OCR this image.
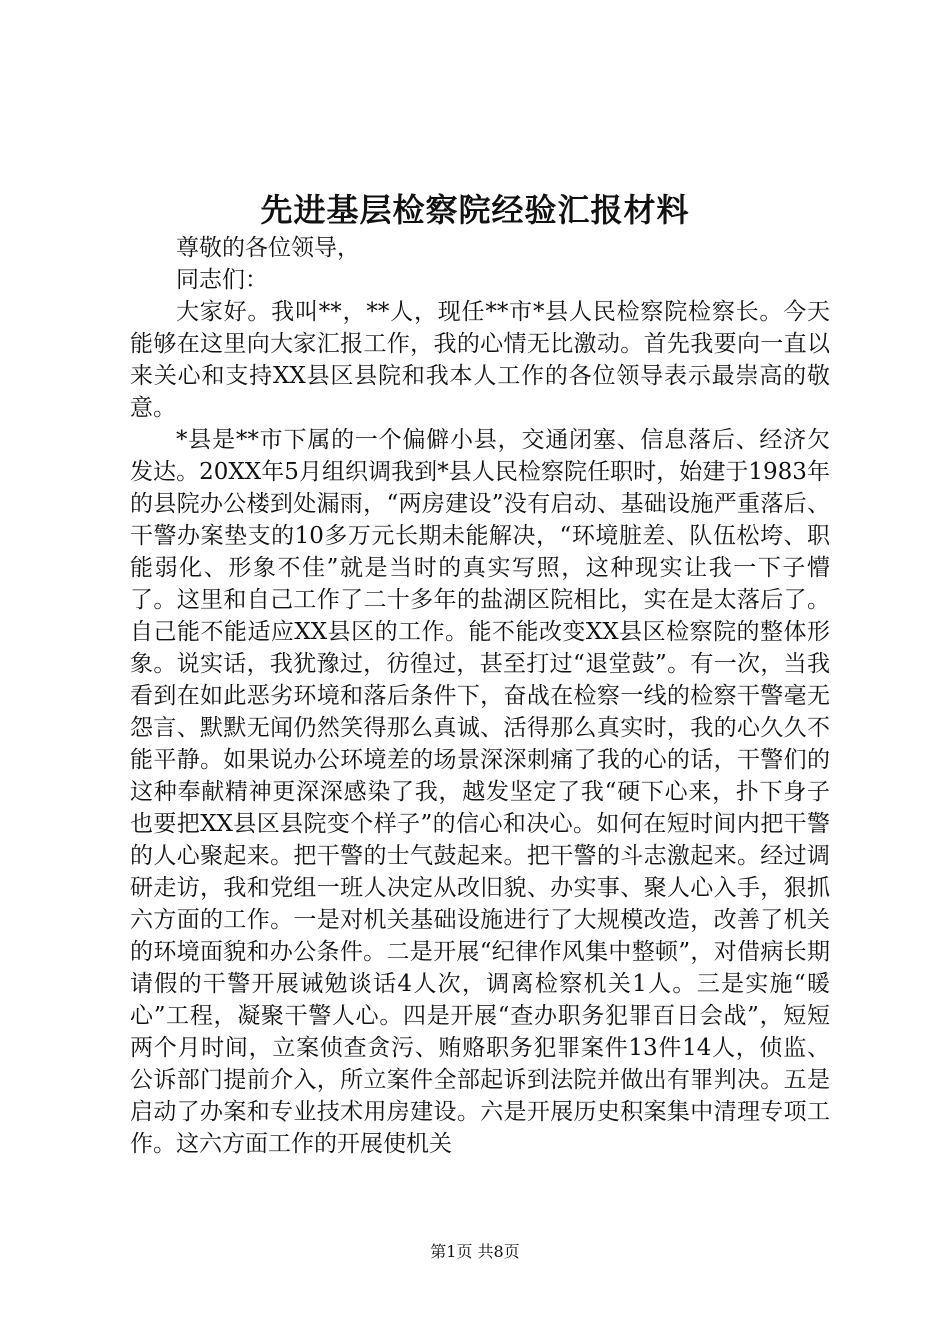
先进基层检察院经验汇报材料

尊敬的各位领导，

同志们：

大家好。我叫**，**人，现任**市*县人民检察院检察长。今天能够在这里向大家汇报工作，我的心情无比激动。首先我要向一直以来关心和支持XX县区县院和我本人工作的各位领导表示最崇高的敬意。

*县是**市下属的一个偏僻小县，交通闭塞、信息落后、经济欠发达。20XX年5月组织调我到*县人民检察院任职时，始建于1983年的县院办公楼到处漏雨，“两房建设”没有启动、基础设施严重落后、干警办案垫支的10多万元长期未能解决，“环境脏差、队伍松垮、职能弱化、形象不佳”就是当时的真实写照，这种现实让我一下子懵了。这里和自己工作了二十多年的盐湖区院相比，实在是太落后了。自己能不能适应XX县区的工作。能不能改变XX县区检察院的整体形象。说实话，我犹豫过，彷徨过，甚至打过“退堂鼓”。有一次，当我看到在如此恶劣环境和落后条件下，奋战在检察一线的检察干警毫无怨言、默默无闻仍然笑得那么真诚、活得那么真实时，我的心久久不能平静。如果说办公环境差的场景深深刺痛了我的心的话，干警们的这种奉献精神更深深感染了我，越发坚定了我“硬下心来，扑下身子也要把XX县区县院变个样子”的信心和决心。如何在短时间内把干警的人心聚起来。把干警的士气鼓起来。把干警的斗志激起来。经过调研走访，我和党组一班人决定从改旧貌、办实事、聚人心入手，狠抓六方面的工作。一是对机关基础设施进行了大规模改造，改善了机关的环境面貌和办公条件。二是开展“纪律作风集中整顿”，对借病长期请假的干警开展诫勉谈话4人次，调离检察机关1人。三是实施“暖心”工程，凝聚干警人心。四是开展“查办职务犯罪百日会战”，短短两个月时间，立案侦查贪污、贿赂职务犯罪案件13件14人，侦监、公诉部门提前介入，所立案件全部起诉到法院并做出有罪判决。五是启动了办案和专业技术用房建设。六是开展历史积案集中清理专项工作。这六方面工作的开展使机关

第1页 共8页
